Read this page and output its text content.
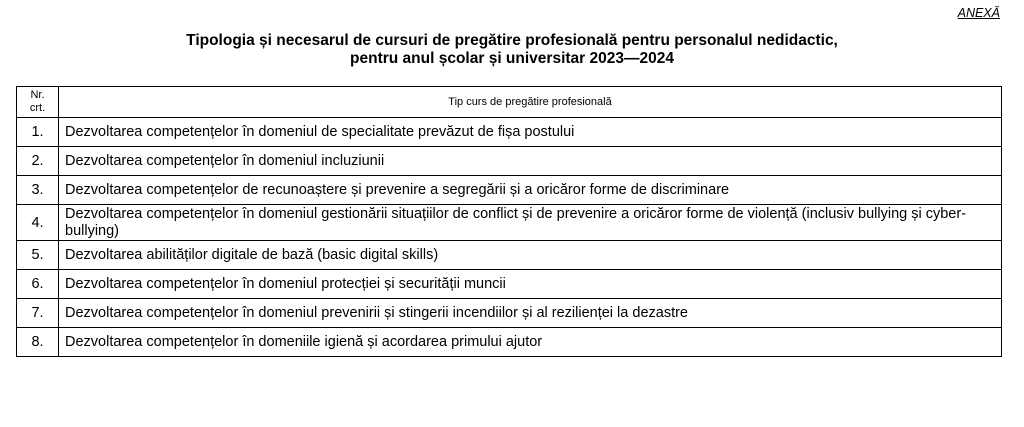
ANEXĂ

Tipologia și necesarul de cursuri de pregătire profesională pentru personalul nedidactic,
pentru anul școlar și universitar 2023—2024
Nr.
crt.	Tip curs de pregătire profesională
1.	Dezvoltarea competențelor în domeniul de specialitate prevăzut de fișa postului
2.	Dezvoltarea competențelor în domeniul incluziunii
3.	Dezvoltarea competențelor de recunoaștere și prevenire a segregării și a oricăror forme de discriminare
4.	Dezvoltarea competențelor în domeniul gestionării situațiilor de conflict și de prevenire a oricăror forme de violență (inclusiv bullying și cyber-bullying)
5.	Dezvoltarea abilităților digitale de bază (basic digital skills)
6.	Dezvoltarea competențelor în domeniul protecției și securității muncii
7.	Dezvoltarea competențelor în domeniul prevenirii și stingerii incendiilor și al rezilienței la dezastre
8.	Dezvoltarea competențelor în domeniile igienă și acordarea primului ajutor
